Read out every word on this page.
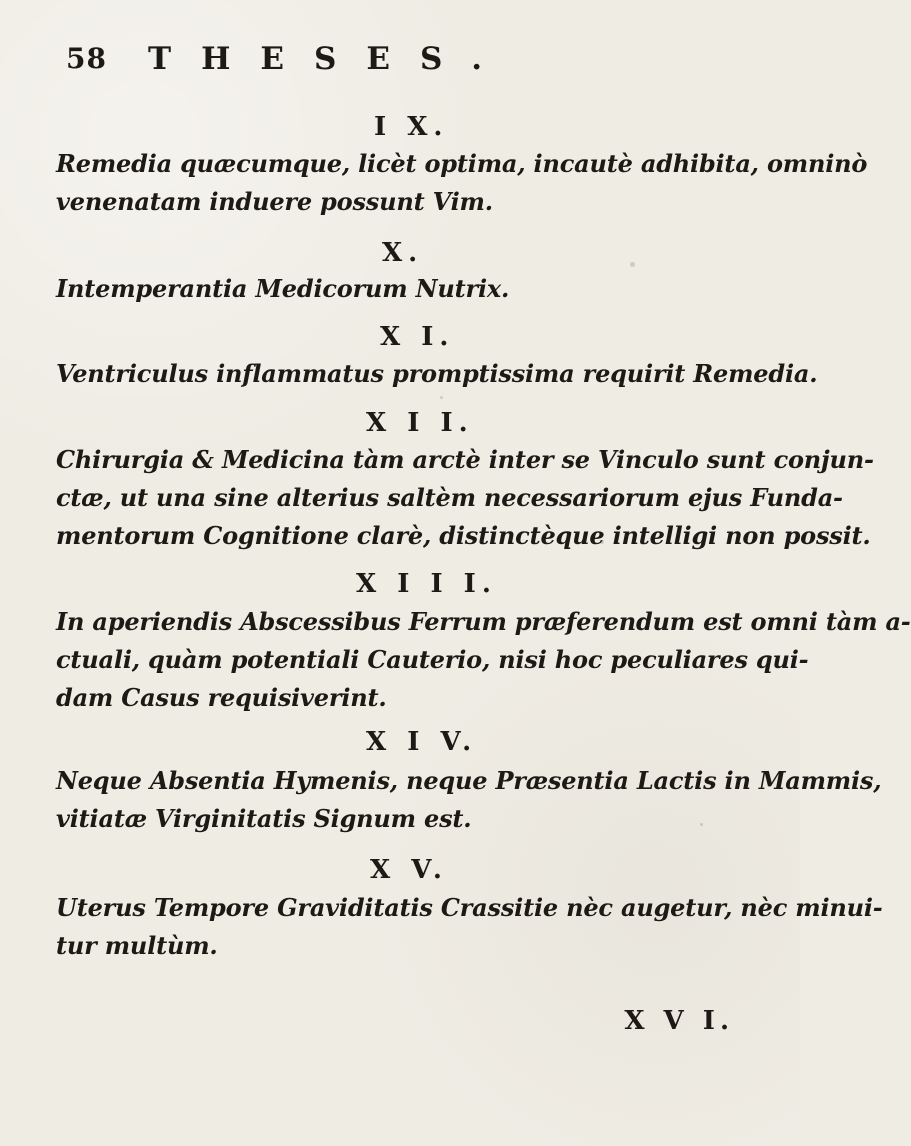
58 THESES.
I X.
Remedia quæcumque, licèt optima, incautè adhibita, omninò
venenatam induere possunt Vim.
X.
Intemperantia Medicorum Nutrix.
X I.
Ventriculus inflammatus promptissima requirit Remedia.
X I I.
Chirurgia & Medicina tàm arctè inter se Vinculo sunt conjun-
ctæ, ut una sine alterius saltèm necessariorum ejus Funda-
mentorum Cognitione clarè, distinctèque intelligi non possit.
X I I I.
In aperiendis Abscessibus Ferrum præferendum est omni tàm a-
ctuali, quàm potentiali Cauterio, nisi hoc peculiares qui-
dam Casus requisiverint.
X I V.
Neque Absentia Hymenis, neque Præsentia Lactis in Mammis,
vitiatæ Virginitatis Signum est.
X V.
Uterus Tempore Graviditatis Crassitie nèc augetur, nèc minui-
tur multùm.
X V I.
